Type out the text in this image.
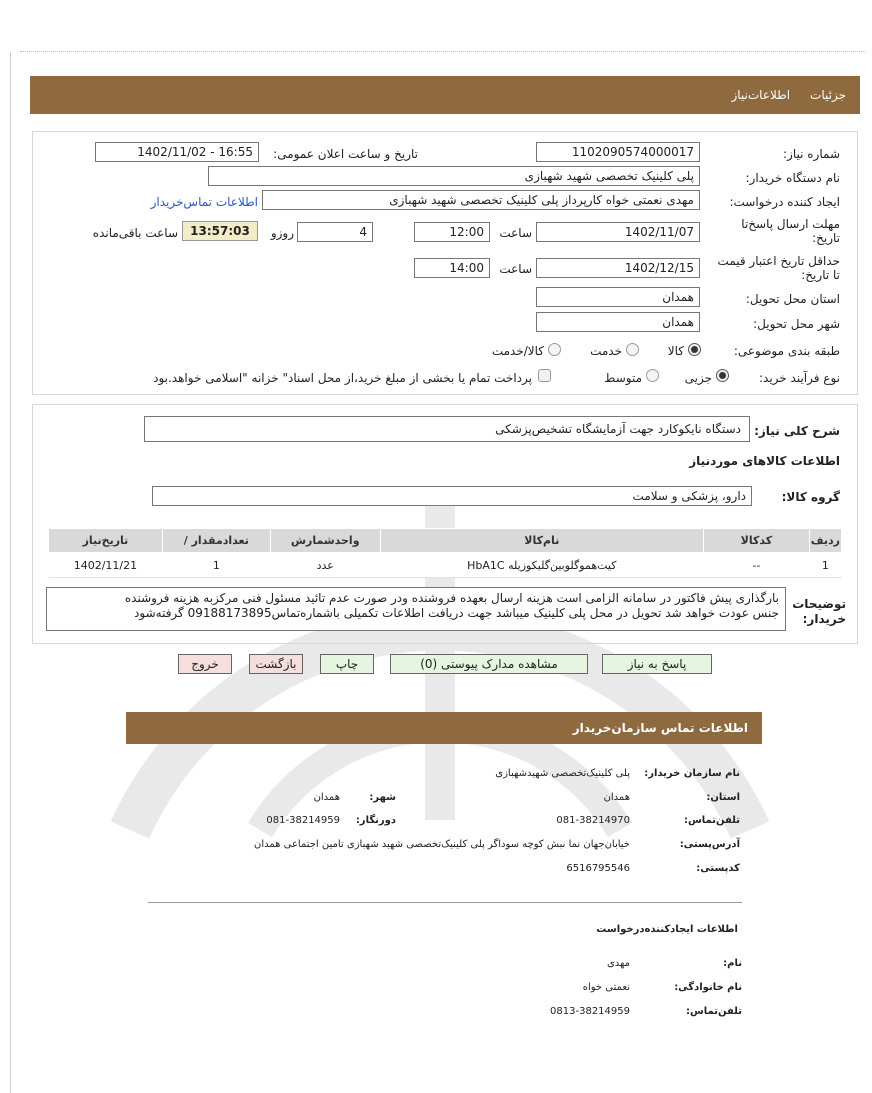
جزئیات
اطلاعات‌نیاز
شماره نیاز:
1102090574000017
تاریخ و ساعت اعلان عمومی:
1402/11/02 - 16:55
نام دستگاه خریدار:
پلی کلینیک تخصصی شهید شهبازی
ایجاد کننده درخواست:
مهدی نعمتی خواه کارپرداز پلی کلینیک تخصصی شهید شهبازی
اطلاعات تماس‌خریدار
مهلت ارسال پاسخ‌تا
تاریخ:
1402/11/07
ساعت
12:00
4
روزو
13:57:03
ساعت باقی‌مانده
حداقل تاریخ اعتبار قیمت
تا تاریخ:
1402/12/15
ساعت
14:00
استان محل تحویل:
همدان
شهر محل تحویل:
همدان
طبقه بندی موضوعی:
کالا
خدمت
کالا/خدمت
نوع فرآیند خرید:
جزیی
متوسط
پرداخت تمام یا بخشی از مبلغ خرید،از محل اسناد" خزانه "اسلامی خواهد.بود
شرح کلی نیاز:
دستگاه نایکوکارد جهت آزمایشگاه تشخیص‌پزشکی
اطلاعات کالاهای موردنیاز
گروه کالا:
دارو، پزشکی و سلامت
ردیف	کدکالا	نام‌کالا	واحدشمارش	تعدادمقدار /	تاریخ‌نیاز
1	--	کیت‌هموگلوبین‌گلیکوزیله HbA1C	عدد	1	1402/11/21
توضیحات خریدار:
بارگذاری پیش فاکتور در سامانه الزامی است هزینه ارسال بعهده فروشنده ودر صورت عدم تائید مسئول فنی مرکزبه هزینه فروشنده
جنس عودت خواهد شد تحویل در محل پلی کلینیک میباشد جهت دریافت اطلاعات تکمیلی باشماره‌تماس09188173895 گرفته‌شود
پاسخ به نیاز
مشاهده مدارک پیوستی (0)
چاپ
بازگشت
خروج
اطلاعات تماس سازمان‌خریدار
نام سازمان خریدار:
پلی کلینیک‌تخصصی شهیدشهبازی
استان:
همدان
شهر:
همدان
تلفن‌تماس:
081-38214970
دورنگار:
081-38214959
آدرس‌پستی:
خیابان‌جهان نما نبش کوچه سوداگر پلی کلینیک‌تخصصی شهید شهبازی تامین اجتماعی همدان
کدپستی:
6516795546
اطلاعات ایجاد‌کننده‌درخواست
نام:
مهدی
نام خانوادگی:
نعمتی خواه
تلفن‌تماس:
0813-38214959
